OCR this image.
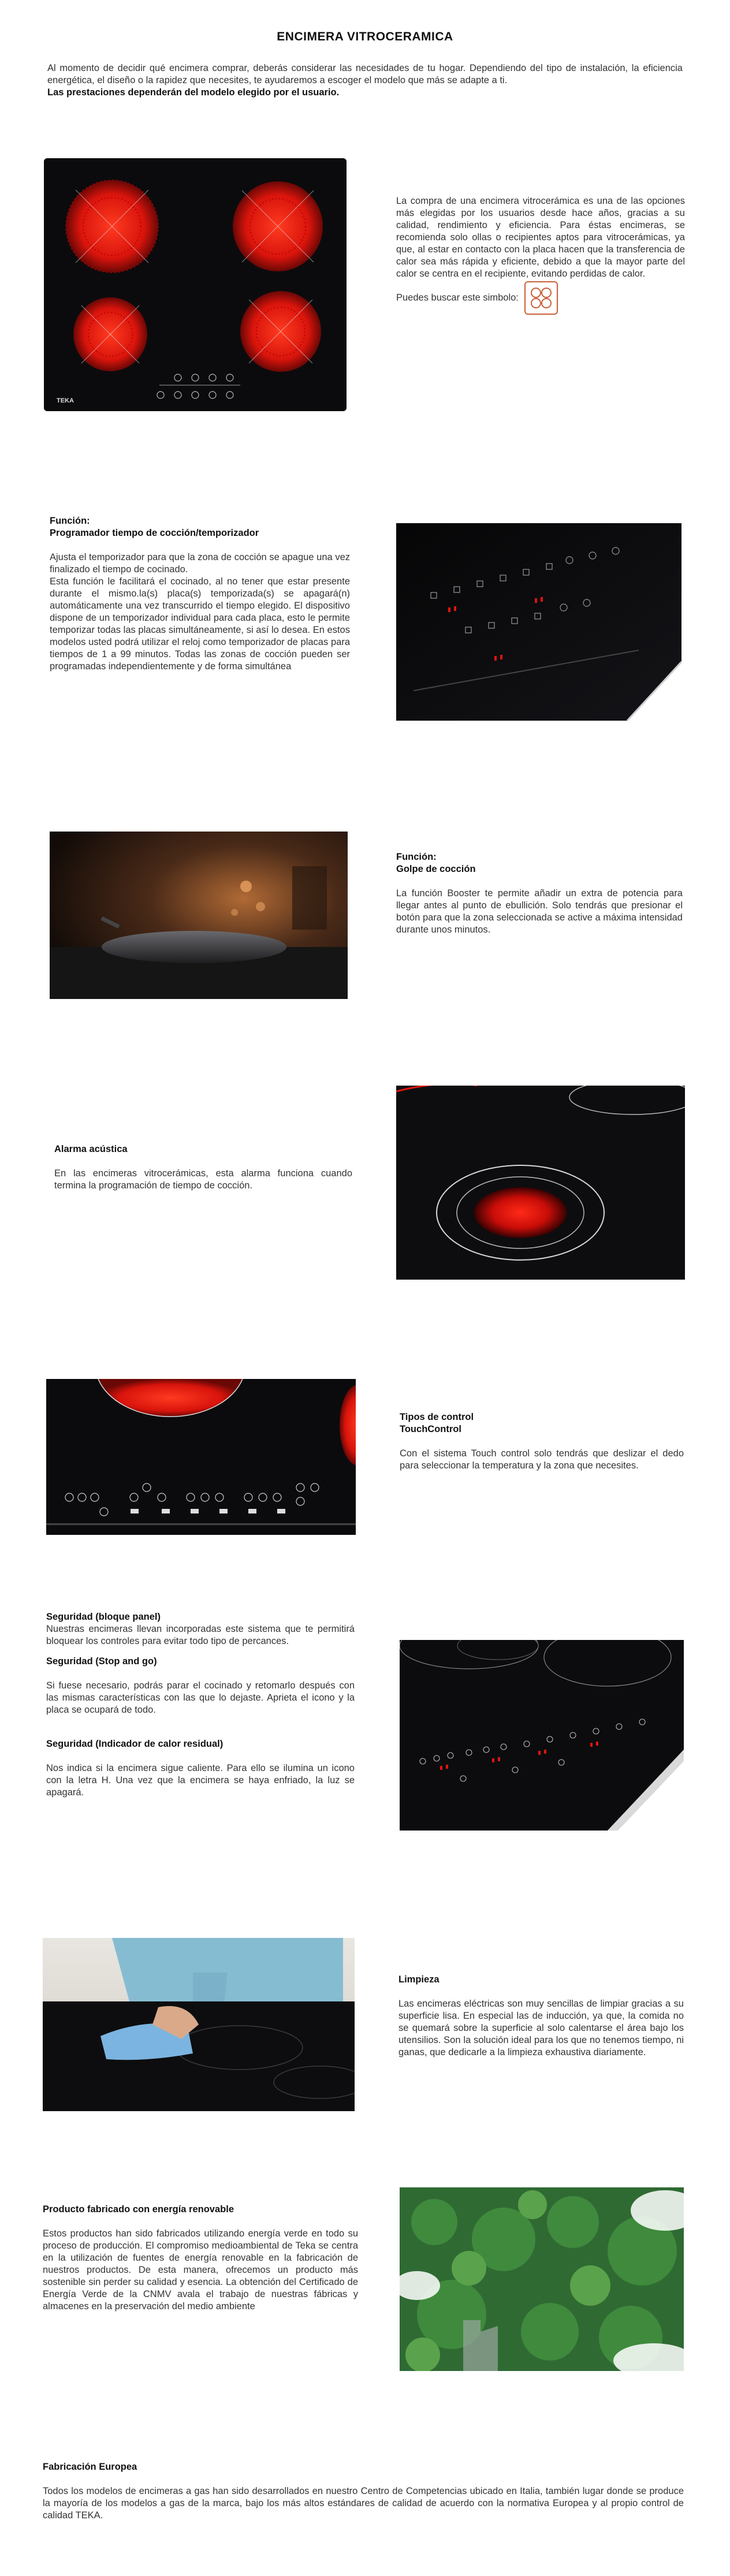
ENCIMERA VITROCERAMICA
Al momento de decidir qué encimera comprar, deberás considerar las necesidades de tu hogar. Dependiendo del tipo de instalación, la eficiencia energética, el diseño o la rapidez que necesites, te ayudaremos a escoger el modelo que más se adapte a ti.
Las prestaciones dependerán del modelo elegido por el usuario.
TEKA

La compra de una encimera vitrocerámica es una de las opciones más elegidas por los usuarios desde hace años, gracias a su calidad, rendimiento y eficiencia. Para éstas encimeras, se recomienda solo ollas o recipientes aptos para vitrocerámicas, ya que, al estar en contacto con la placa hacen que la transferencia de calor sea más rápida y eficiente, debido a que la mayor parte del calor se centra en el recipiente, evitando perdidas de calor.

Puedes buscar este simbolo:

Función:

Programador tiempo de cocción/temporizador

Ajusta el temporizador para que la zona de cocción se apague una vez finalizado el tiempo de cocinado.

Esta función le facilitará el cocinado, al no tener que estar presente durante el mismo.la(s) placa(s) temporizada(s) se apagará(n) automáticamente una vez transcurrido el tiempo elegido. El dispositivo dispone de un temporizador individual para cada placa, esto le permite temporizar todas las placas simultáneamente, si así lo desea. En estos modelos usted podrá utilizar el reloj como temporizador de placas para tiempos de 1 a 99 minutos. Todas las zonas de cocción pueden ser programadas independientemente y de forma simultánea

Función:

Golpe de cocción

La función Booster te permite añadir un extra de potencia para llegar antes al punto de ebullición. Solo tendrás que presionar el botón para que la zona seleccionada se active a máxima intensidad durante unos minutos.

Alarma acústica

En las encimeras vitrocerámicas, esta alarma funciona cuando termina la programación de tiempo de cocción.

Tipos de control

TouchControl

Con el sistema Touch control solo tendrás que deslizar el dedo para seleccionar la temperatura y la zona que necesites.

Seguridad (bloque panel)

Nuestras encimeras llevan incorporadas este sistema que te permitirá bloquear los controles para evitar todo tipo de percances.

Seguridad (Stop and go)

Si fuese necesario, podrás parar el cocinado y retomarlo después con las mismas características con las que lo dejaste. Aprieta el icono y la placa se ocupará de todo.

Seguridad (Indicador de calor residual)

Nos indica si la encimera sigue caliente. Para ello se ilumina un icono con la letra H. Una vez que la encimera se haya enfriado, la luz se apagará.

Limpieza

Las encimeras eléctricas son muy sencillas de limpiar gracias a su superficie lisa. En especial las de inducción, ya que, la comida no se quemará sobre la superficie al solo calentarse el área bajo los utensilios. Son la solución ideal para los que no tenemos tiempo, ni ganas, que dedicarle a la limpieza exhaustiva diariamente.

Producto fabricado con energía renovable

Estos productos han sido fabricados utilizando energía verde en todo su proceso de producción. El compromiso medioambiental de Teka se centra en la utilización de fuentes de energía renovable en la fabricación de nuestros productos. De esta manera, ofrecemos un producto más sostenible sin perder su calidad y esencia. La obtención del Certificado de Energía Verde de la CNMV avala el trabajo de nuestras fábricas y almacenes en la preservación del medio ambiente

Fabricación Europea

Todos los modelos de encimeras a gas han sido desarrollados en nuestro Centro de Competencias ubicado en Italia, también lugar donde se produce la mayoría de los modelos a gas de la marca, bajo los más altos estándares de calidad de acuerdo con la normativa Europea y al propio control de calidad TEKA.
